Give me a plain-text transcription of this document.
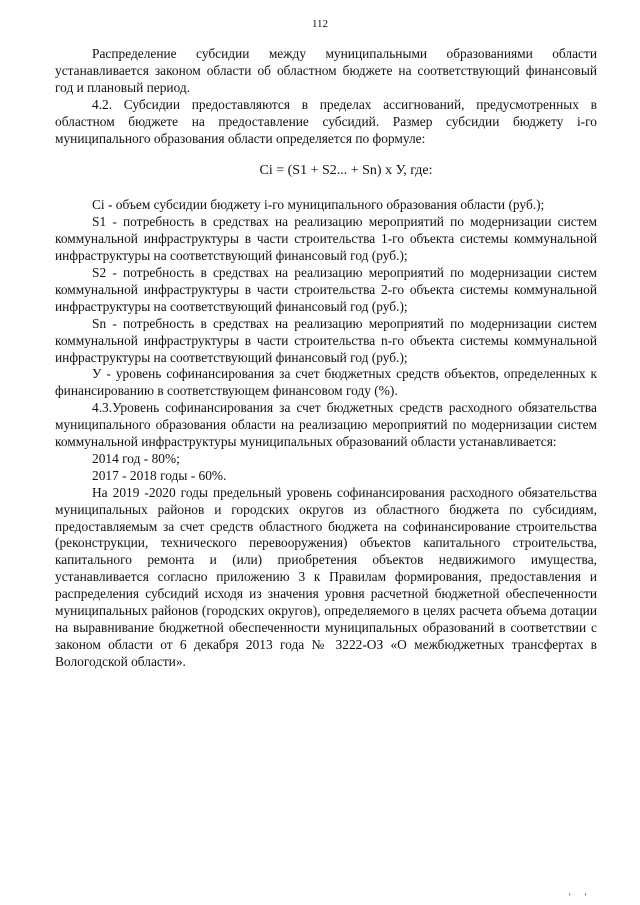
112

Распределение субсидии между муниципальными образованиями области устанавливается законом области об областном бюджете на соответствующий финансовый год и плановый период.

4.2. Субсидии предоставляются в пределах ассигнований, предусмотренных в областном бюджете на предоставление субсидий. Размер субсидии бюджету i-го муниципального образования области определяется по формуле:

Ci = (S1 + S2... + Sn) x У, где:

Ci - объем субсидии бюджету i-го муниципального образования области (руб.);

S1 - потребность в средствах на реализацию мероприятий по модернизации систем коммунальной инфраструктуры в части строительства 1-го объекта системы коммунальной инфраструктуры на соответствующий финансовый год (руб.);

S2 - потребность в средствах на реализацию мероприятий по модернизации систем коммунальной инфраструктуры в части строительства 2-го объекта системы коммунальной инфраструктуры на соответствующий финансовый год (руб.);

Sn - потребность в средствах на реализацию мероприятий по модернизации систем коммунальной инфраструктуры в части строительства n-го объекта системы коммунальной инфраструктуры на соответствующий финансовый год (руб.);

У - уровень софинансирования за счет бюджетных средств объектов, определенных к финансированию в соответствующем финансовом году (%).

4.3.Уровень софинансирования за счет бюджетных средств расходного обязательства муниципального образования области на реализацию мероприятий по модернизации систем коммунальной инфраструктуры муниципальных образований области устанавливается:

2014 год - 80%;

2017 - 2018 годы - 60%.

На 2019 -2020 годы предельный уровень софинансирования расходного обязательства муниципальных районов и городских округов из областного бюджета по субсидиям, предоставляемым за счет средств областного бюджета на софинансирование строительства (реконструкции, технического перевооружения) объектов капитального строительства, капитального ремонта и (или) приобретения объектов недвижимого имущества, устанавливается согласно приложению 3 к Правилам формирования, предоставления и распределения субсидий исходя из значения уровня расчетной бюджетной обеспеченности муниципальных районов (городских округов), определяемого в целях расчета объема дотации на выравнивание бюджетной обеспеченности муниципальных образований в соответствии с законом области от 6 декабря 2013 года № 3222-ОЗ «О межбюджетных трансфертах в Вологодской области».

' '
